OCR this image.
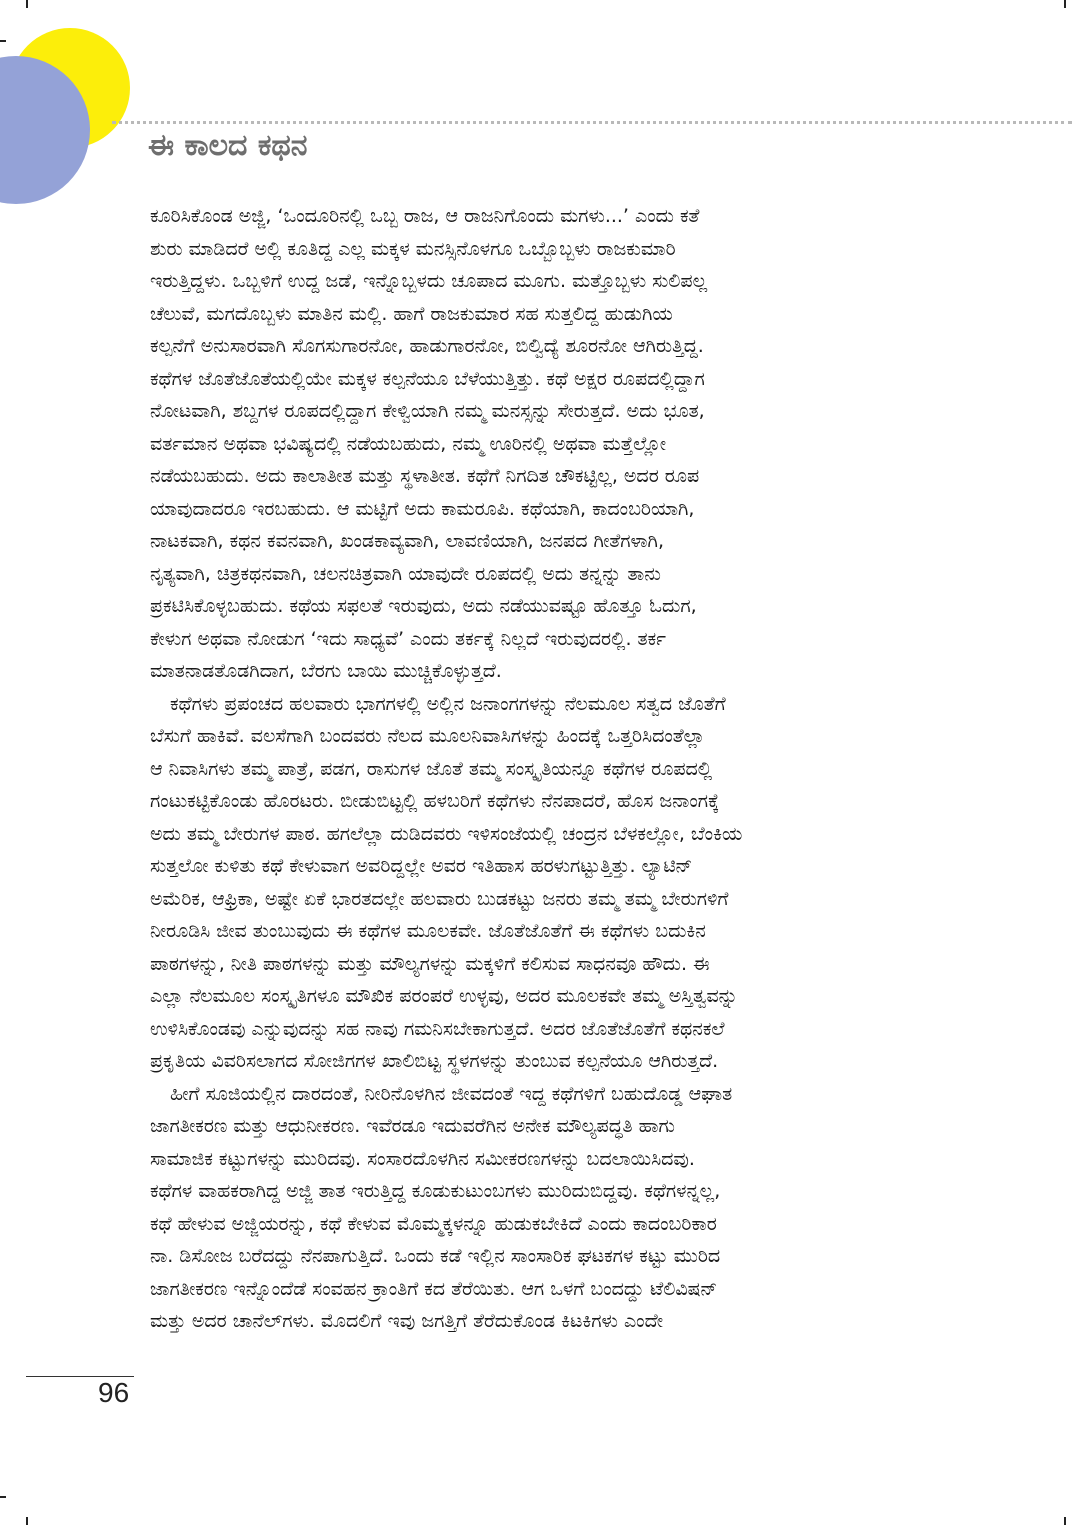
ಈ ಕಾಲದ ಕಥನ
ಕೂರಿಸಿಕೊಂಡ ಅಜ್ಜಿ, ‘ಒಂದೂರಿನಲ್ಲಿ ಒಬ್ಬ ರಾಜ, ಆ ರಾಜನಿಗೊಂದು ಮಗಳು...’ ಎಂದು ಕತೆ
ಶುರು ಮಾಡಿದರೆ ಅಲ್ಲಿ ಕೂತಿದ್ದ ಎಲ್ಲ ಮಕ್ಕಳ ಮನಸ್ಸಿನೊಳಗೂ ಒಬ್ಬೊಬ್ಬಳು ರಾಜಕುಮಾರಿ
ಇರುತ್ತಿದ್ದಳು. ಒಬ್ಬಳಿಗೆ ಉದ್ದ ಜಡೆ, ಇನ್ನೊಬ್ಬಳದು ಚೂಪಾದ ಮೂಗು. ಮತ್ತೊಬ್ಬಳು ಸುಲಿಪಲ್ಲ
ಚೆಲುವೆ, ಮಗದೊಬ್ಬಳು ಮಾತಿನ ಮಲ್ಲಿ. ಹಾಗೆ ರಾಜಕುಮಾರ ಸಹ ಸುತ್ತಲಿದ್ದ ಹುಡುಗಿಯ
ಕಲ್ಪನೆಗೆ ಅನುಸಾರವಾಗಿ ಸೊಗಸುಗಾರನೋ, ಹಾಡುಗಾರನೋ, ಬಿಲ್ವಿದ್ಯೆ ಶೂರನೋ ಆಗಿರುತ್ತಿದ್ದ.
ಕಥೆಗಳ ಜೊತೆಜೊತೆಯಲ್ಲಿಯೇ ಮಕ್ಕಳ ಕಲ್ಪನೆಯೂ ಬೆಳೆಯುತ್ತಿತ್ತು. ಕಥೆ ಅಕ್ಷರ ರೂಪದಲ್ಲಿದ್ದಾಗ
ನೋಟವಾಗಿ, ಶಬ್ದಗಳ ರೂಪದಲ್ಲಿದ್ದಾಗ ಕೇಳ್ವಿಯಾಗಿ ನಮ್ಮ ಮನಸ್ಸನ್ನು ಸೇರುತ್ತದೆ. ಅದು ಭೂತ,
ವರ್ತಮಾನ ಅಥವಾ ಭವಿಷ್ಯದಲ್ಲಿ ನಡೆಯಬಹುದು, ನಮ್ಮ ಊರಿನಲ್ಲಿ ಅಥವಾ ಮತ್ತೆಲ್ಲೋ
ನಡೆಯಬಹುದು. ಅದು ಕಾಲಾತೀತ ಮತ್ತು ಸ್ಥಳಾತೀತ. ಕಥೆಗೆ ನಿಗದಿತ ಚೌಕಟ್ಟಿಲ್ಲ, ಅದರ ರೂಪ
ಯಾವುದಾದರೂ ಇರಬಹುದು. ಆ ಮಟ್ಟಿಗೆ ಅದು ಕಾಮರೂಪಿ. ಕಥೆಯಾಗಿ, ಕಾದಂಬರಿಯಾಗಿ,
ನಾಟಕವಾಗಿ, ಕಥನ ಕವನವಾಗಿ, ಖಂಡಕಾವ್ಯವಾಗಿ, ಲಾವಣಿಯಾಗಿ, ಜನಪದ ಗೀತೆಗಳಾಗಿ,
ನೃತ್ಯವಾಗಿ, ಚಿತ್ರಕಥನವಾಗಿ, ಚಲನಚಿತ್ರವಾಗಿ ಯಾವುದೇ ರೂಪದಲ್ಲಿ ಅದು ತನ್ನನ್ನು ತಾನು
ಪ್ರಕಟಿಸಿಕೊಳ್ಳಬಹುದು. ಕಥೆಯ ಸಫಲತೆ ಇರುವುದು, ಅದು ನಡೆಯುವಷ್ಟೂ ಹೊತ್ತೂ ಓದುಗ,
ಕೇಳುಗ ಅಥವಾ ನೋಡುಗ ‘ಇದು ಸಾಧ್ಯವೆ’ ಎಂದು ತರ್ಕಕ್ಕೆ ನಿಲ್ಲದೆ ಇರುವುದರಲ್ಲಿ. ತರ್ಕ
ಮಾತನಾಡತೊಡಗಿದಾಗ, ಬೆರಗು ಬಾಯಿ ಮುಚ್ಚಿಕೊಳ್ಳುತ್ತದೆ.
ಕಥೆಗಳು ಪ್ರಪಂಚದ ಹಲವಾರು ಭಾಗಗಳಲ್ಲಿ ಅಲ್ಲಿನ ಜನಾಂಗಗಳನ್ನು ನೆಲಮೂಲ ಸತ್ವದ ಜೊತೆಗೆ
ಬೆಸುಗೆ ಹಾಕಿವೆ. ವಲಸೆಗಾಗಿ ಬಂದವರು ನೆಲದ ಮೂಲನಿವಾಸಿಗಳನ್ನು ಹಿಂದಕ್ಕೆ ಒತ್ತರಿಸಿದಂತೆಲ್ಲಾ
ಆ ನಿವಾಸಿಗಳು ತಮ್ಮ ಪಾತ್ರೆ, ಪಡಗ, ರಾಸುಗಳ ಜೊತೆ ತಮ್ಮ ಸಂಸ್ಕೃತಿಯನ್ನೂ ಕಥೆಗಳ ರೂಪದಲ್ಲಿ
ಗಂಟುಕಟ್ಟಿಕೊಂಡು ಹೊರಟರು. ಬೀಡುಬಿಟ್ಟಲ್ಲಿ ಹಳಬರಿಗೆ ಕಥೆಗಳು ನೆನಪಾದರೆ, ಹೊಸ ಜನಾಂಗಕ್ಕೆ
ಅದು ತಮ್ಮ ಬೇರುಗಳ ಪಾಠ. ಹಗಲೆಲ್ಲಾ ದುಡಿದವರು ಇಳಿಸಂಜೆಯಲ್ಲಿ ಚಂದ್ರನ ಬೆಳಕಲ್ಲೋ, ಬೆಂಕಿಯ
ಸುತ್ತಲೋ ಕುಳಿತು ಕಥೆ ಕೇಳುವಾಗ ಅವರಿದ್ದಲ್ಲೇ ಅವರ ಇತಿಹಾಸ ಹರಳುಗಟ್ಟುತ್ತಿತ್ತು. ಲ್ಯಾಟಿನ್
ಅಮೆರಿಕ, ಆಫ್ರಿಕಾ, ಅಷ್ಟೇ ಏಕೆ ಭಾರತದಲ್ಲೇ ಹಲವಾರು ಬುಡಕಟ್ಟು ಜನರು ತಮ್ಮ ತಮ್ಮ ಬೇರುಗಳಿಗೆ
ನೀರೂಡಿಸಿ ಜೀವ ತುಂಬುವುದು ಈ ಕಥೆಗಳ ಮೂಲಕವೇ. ಜೊತೆಜೊತೆಗೆ ಈ ಕಥೆಗಳು ಬದುಕಿನ
ಪಾಠಗಳನ್ನು, ನೀತಿ ಪಾಠಗಳನ್ನು ಮತ್ತು ಮೌಲ್ಯಗಳನ್ನು ಮಕ್ಕಳಿಗೆ ಕಲಿಸುವ ಸಾಧನವೂ ಹೌದು. ಈ
ಎಲ್ಲಾ ನೆಲಮೂಲ ಸಂಸ್ಕೃತಿಗಳೂ ಮೌಖಿಕ ಪರಂಪರೆ ಉಳ್ಳವು, ಅದರ ಮೂಲಕವೇ ತಮ್ಮ ಅಸ್ತಿತ್ವವನ್ನು
ಉಳಿಸಿಕೊಂಡವು ಎನ್ನುವುದನ್ನು ಸಹ ನಾವು ಗಮನಿಸಬೇಕಾಗುತ್ತದೆ. ಅದರ ಜೊತೆಜೊತೆಗೆ ಕಥನಕಲೆ
ಪ್ರಕೃತಿಯ ವಿವರಿಸಲಾಗದ ಸೋಜಿಗಗಳ ಖಾಲಿಬಿಟ್ಟ ಸ್ಥಳಗಳನ್ನು ತುಂಬುವ ಕಲ್ಪನೆಯೂ ಆಗಿರುತ್ತದೆ.
ಹೀಗೆ ಸೂಜಿಯಲ್ಲಿನ ದಾರದಂತೆ, ನೀರಿನೊಳಗಿನ ಜೀವದಂತೆ ಇದ್ದ ಕಥೆಗಳಿಗೆ ಬಹುದೊಡ್ಡ ಆಘಾತ
ಜಾಗತೀಕರಣ ಮತ್ತು ಆಧುನೀಕರಣ. ಇವೆರಡೂ ಇದುವರೆಗಿನ ಅನೇಕ ಮೌಲ್ಯಪದ್ಧತಿ ಹಾಗು
ಸಾಮಾಜಿಕ ಕಟ್ಟುಗಳನ್ನು ಮುರಿದವು. ಸಂಸಾರದೊಳಗಿನ ಸಮೀಕರಣಗಳನ್ನು ಬದಲಾಯಿಸಿದವು.
ಕಥೆಗಳ ವಾಹಕರಾಗಿದ್ದ ಅಜ್ಜಿ ತಾತ ಇರುತ್ತಿದ್ದ ಕೂಡುಕುಟುಂಬಗಳು ಮುರಿದುಬಿದ್ದವು. ಕಥೆಗಳನ್ನಲ್ಲ,
ಕಥೆ ಹೇಳುವ ಅಜ್ಜಿಯರನ್ನು, ಕಥೆ ಕೇಳುವ ಮೊಮ್ಮಕ್ಕಳನ್ನೂ ಹುಡುಕಬೇಕಿದೆ ಎಂದು ಕಾದಂಬರಿಕಾರ
ನಾ. ಡಿಸೋಜ ಬರೆದದ್ದು ನೆನಪಾಗುತ್ತಿದೆ. ಒಂದು ಕಡೆ ಇಲ್ಲಿನ ಸಾಂಸಾರಿಕ ಘಟಕಗಳ ಕಟ್ಟು ಮುರಿದ
ಜಾಗತೀಕರಣ ಇನ್ನೊಂದೆಡೆ ಸಂವಹನ ಕ್ರಾಂತಿಗೆ ಕದ ತೆರೆಯಿತು. ಆಗ ಒಳಗೆ ಬಂದದ್ದು ಟೆಲಿವಿಷನ್
ಮತ್ತು ಅದರ ಚಾನೆಲ್‌ಗಳು. ಮೊದಲಿಗೆ ಇವು ಜಗತ್ತಿಗೆ ತೆರೆದುಕೊಂಡ ಕಿಟಕಿಗಳು ಎಂದೇ
96
